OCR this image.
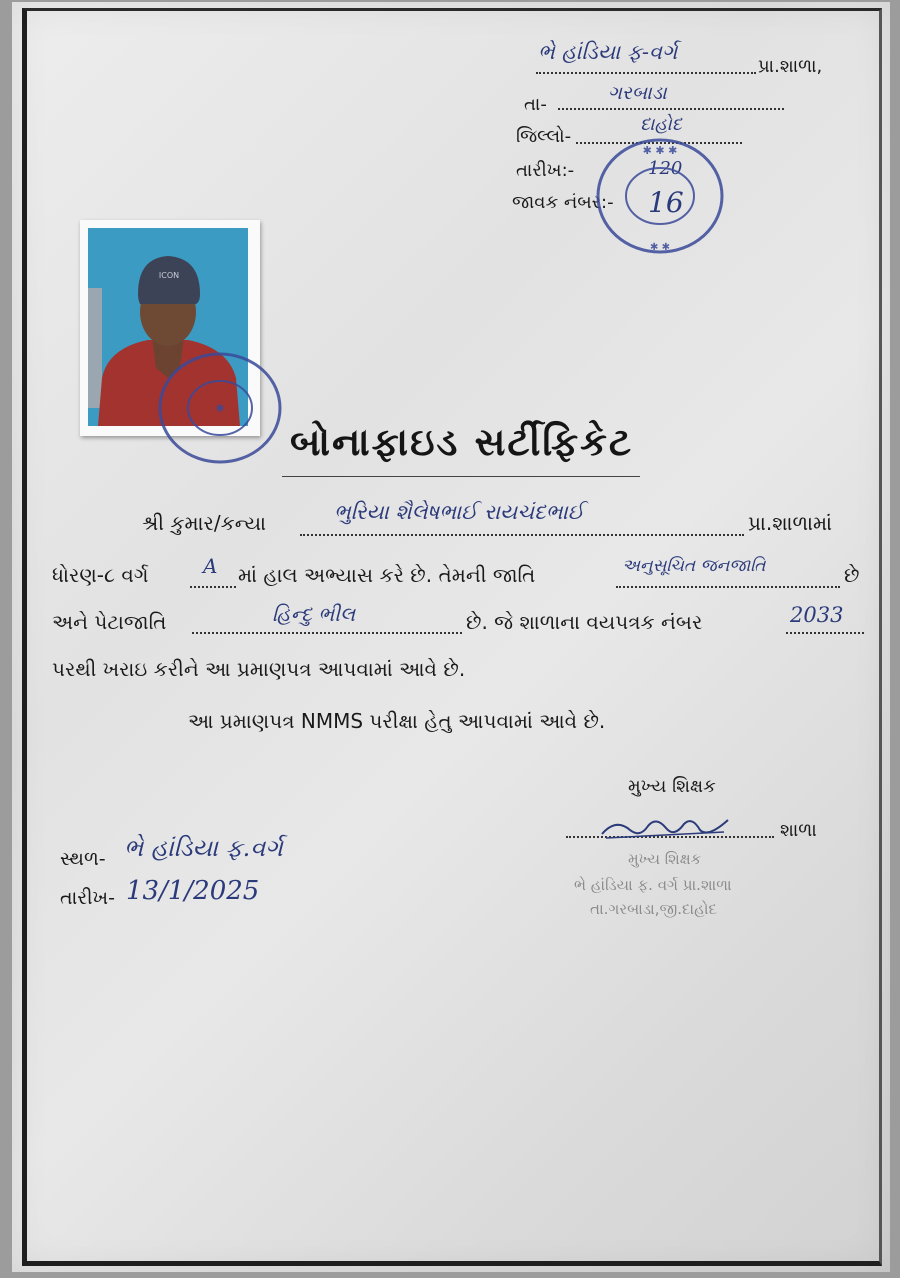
ભે હાંડિયા ફ-વર્ગ
પ્રા.શાળા,
તા-
ગરબાડા
જિલ્લો-
દાહોદ
તારીખ:-	120
જાવક નંબર:- 16
✱ ✱ ✱
✱ ✱
ICON
✱
બોનાફાઇડ સર્ટીફિકેટ
શ્રી કુમાર/કન્યા	ભુરિયા શૈલેષભાઈ રાયચંદભાઈ	પ્રા.શાળામાં
ધોરણ-૮ વર્ગ	A માં હાલ અભ્યાસ કરે છે. તેમની જાતિ	અનુસૂચિત જનજાતિ	છે
અને પેટાજાતિ	હિન્દુ ભીલ	છે. જે શાળાના વયપત્રક નંબર	2033
પરથી ખરાઇ કરીને આ પ્રમાણપત્ર આપવામાં આવે છે.
આ પ્રમાણપત્ર NMMS પરીક્ષા હેતુ આપવામાં આવે છે.
મુખ્ય શિક્ષક
શાળા
મુખ્ય શિક્ષક
ભે હાંડિયા ફ. વર્ગ પ્રા.શાળા
તા.ગરબાડા,જી.દાહોદ
સ્થળ- ભે હાંડિયા ફ.વર્ગ
તારીખ- 13/1/2025
